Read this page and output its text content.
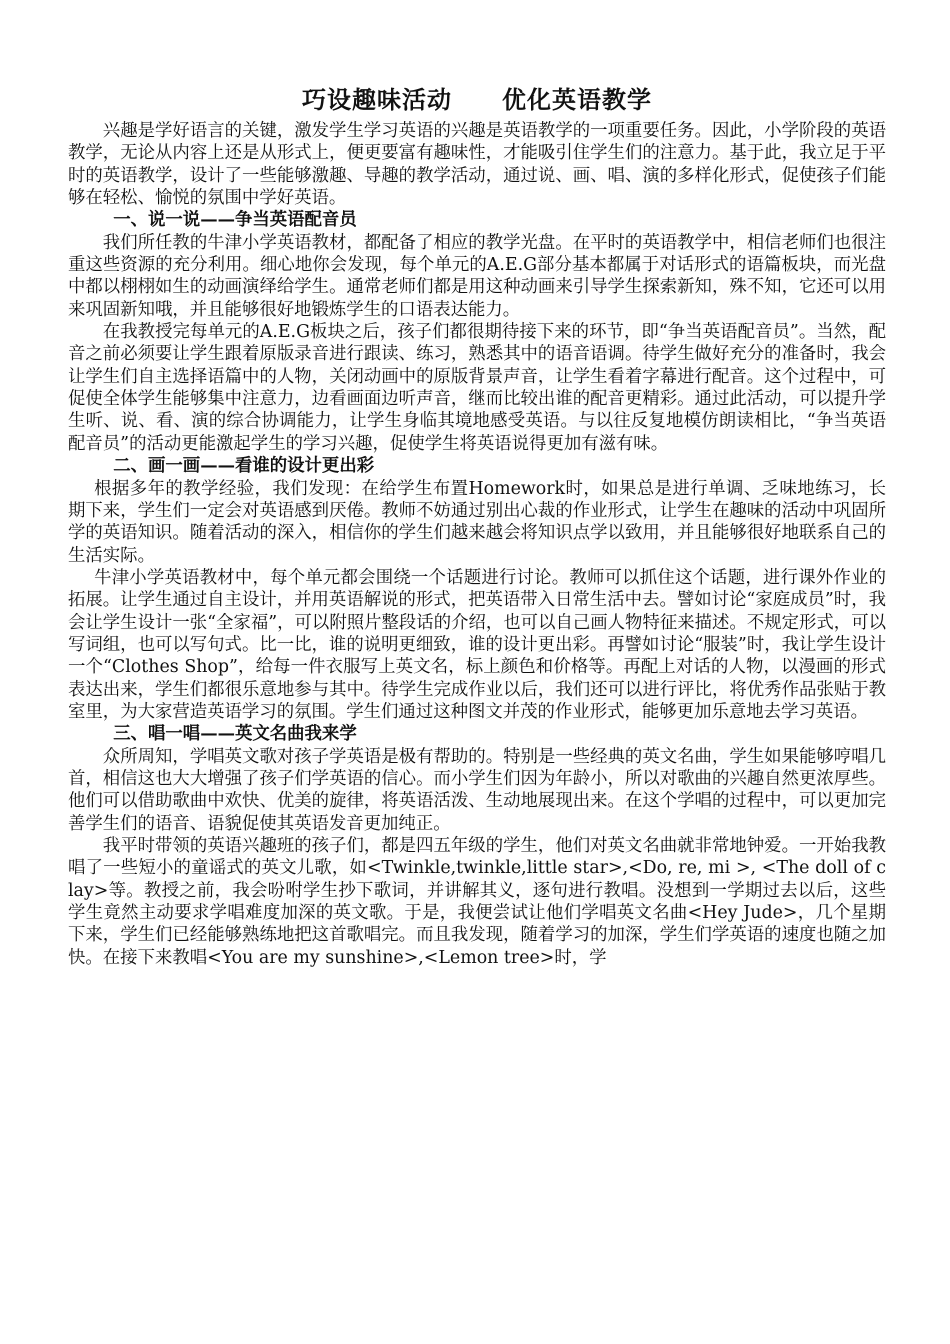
巧设趣味活动　　优化英语教学

兴趣是学好语言的关键，激发学生学习英语的兴趣是英语教学的一项重要任务。因此，小学阶段的英语教学，无论从内容上还是从形式上，便更要富有趣味性，才能吸引住学生们的注意力。基于此，我立足于平时的英语教学，设计了一些能够激趣、导趣的教学活动，通过说、画、唱、演的多样化形式，促使孩子们能够在轻松、愉悦的氛围中学好英语。

一、说一说——争当英语配音员

我们所任教的牛津小学英语教材，都配备了相应的教学光盘。在平时的英语教学中，相信老师们也很注重这些资源的充分利用。细心地你会发现，每个单元的A.E.G部分基本都属于对话形式的语篇板块，而光盘中都以栩栩如生的动画演绎给学生。通常老师们都是用这种动画来引导学生探索新知，殊不知，它还可以用来巩固新知哦，并且能够很好地锻炼学生的口语表达能力。

在我教授完每单元的A.E.G板块之后，孩子们都很期待接下来的环节，即“争当英语配音员”。当然，配音之前必须要让学生跟着原版录音进行跟读、练习，熟悉其中的语音语调。待学生做好充分的准备时，我会让学生们自主选择语篇中的人物，关闭动画中的原版背景声音，让学生看着字幕进行配音。这个过程中，可促使全体学生能够集中注意力，边看画面边听声音，继而比较出谁的配音更精彩。通过此活动，可以提升学生听、说、看、演的综合协调能力，让学生身临其境地感受英语。与以往反复地模仿朗读相比，“争当英语配音员”的活动更能激起学生的学习兴趣，促使学生将英语说得更加有滋有味。

二、画一画——看谁的设计更出彩

根据多年的教学经验，我们发现：在给学生布置Homework时，如果总是进行单调、乏味地练习，长期下来，学生们一定会对英语感到厌倦。教师不妨通过别出心裁的作业形式，让学生在趣味的活动中巩固所学的英语知识。随着活动的深入，相信你的学生们越来越会将知识点学以致用，并且能够很好地联系自己的生活实际。

牛津小学英语教材中，每个单元都会围绕一个话题进行讨论。教师可以抓住这个话题，进行课外作业的拓展。让学生通过自主设计，并用英语解说的形式，把英语带入日常生活中去。譬如讨论“家庭成员”时，我会让学生设计一张“全家福”，可以附照片整段话的介绍，也可以自己画人物特征来描述。不规定形式，可以写词组，也可以写句式。比一比，谁的说明更细致，谁的设计更出彩。再譬如讨论“服装”时，我让学生设计一个“Clothes Shop”，给每一件衣服写上英文名，标上颜色和价格等。再配上对话的人物，以漫画的形式表达出来，学生们都很乐意地参与其中。待学生完成作业以后，我们还可以进行评比，将优秀作品张贴于教室里，为大家营造英语学习的氛围。学生们通过这种图文并茂的作业形式，能够更加乐意地去学习英语。

三、唱一唱——英文名曲我来学

众所周知，学唱英文歌对孩子学英语是极有帮助的。特别是一些经典的英文名曲，学生如果能够哼唱几首，相信这也大大增强了孩子们学英语的信心。而小学生们因为年龄小，所以对歌曲的兴趣自然更浓厚些。他们可以借助歌曲中欢快、优美的旋律，将英语活泼、生动地展现出来。在这个学唱的过程中，可以更加完善学生们的语音、语貌促使其英语发音更加纯正。

我平时带领的英语兴趣班的孩子们，都是四五年级的学生，他们对英文名曲就非常地钟爱。一开始我教唱了一些短小的童谣式的英文儿歌，如<Twinkle,twinkle,little star>,<Do, re, mi >, <The doll of clay>等。教授之前，我会吩咐学生抄下歌词，并讲解其义，逐句进行教唱。没想到一学期过去以后，这些学生竟然主动要求学唱难度加深的英文歌。于是，我便尝试让他们学唱英文名曲<Hey Jude>，几个星期下来，学生们已经能够熟练地把这首歌唱完。而且我发现，随着学习的加深，学生们学英语的速度也随之加快。在接下来教唱<You are my sunshine>,<Lemon tree>时，学
